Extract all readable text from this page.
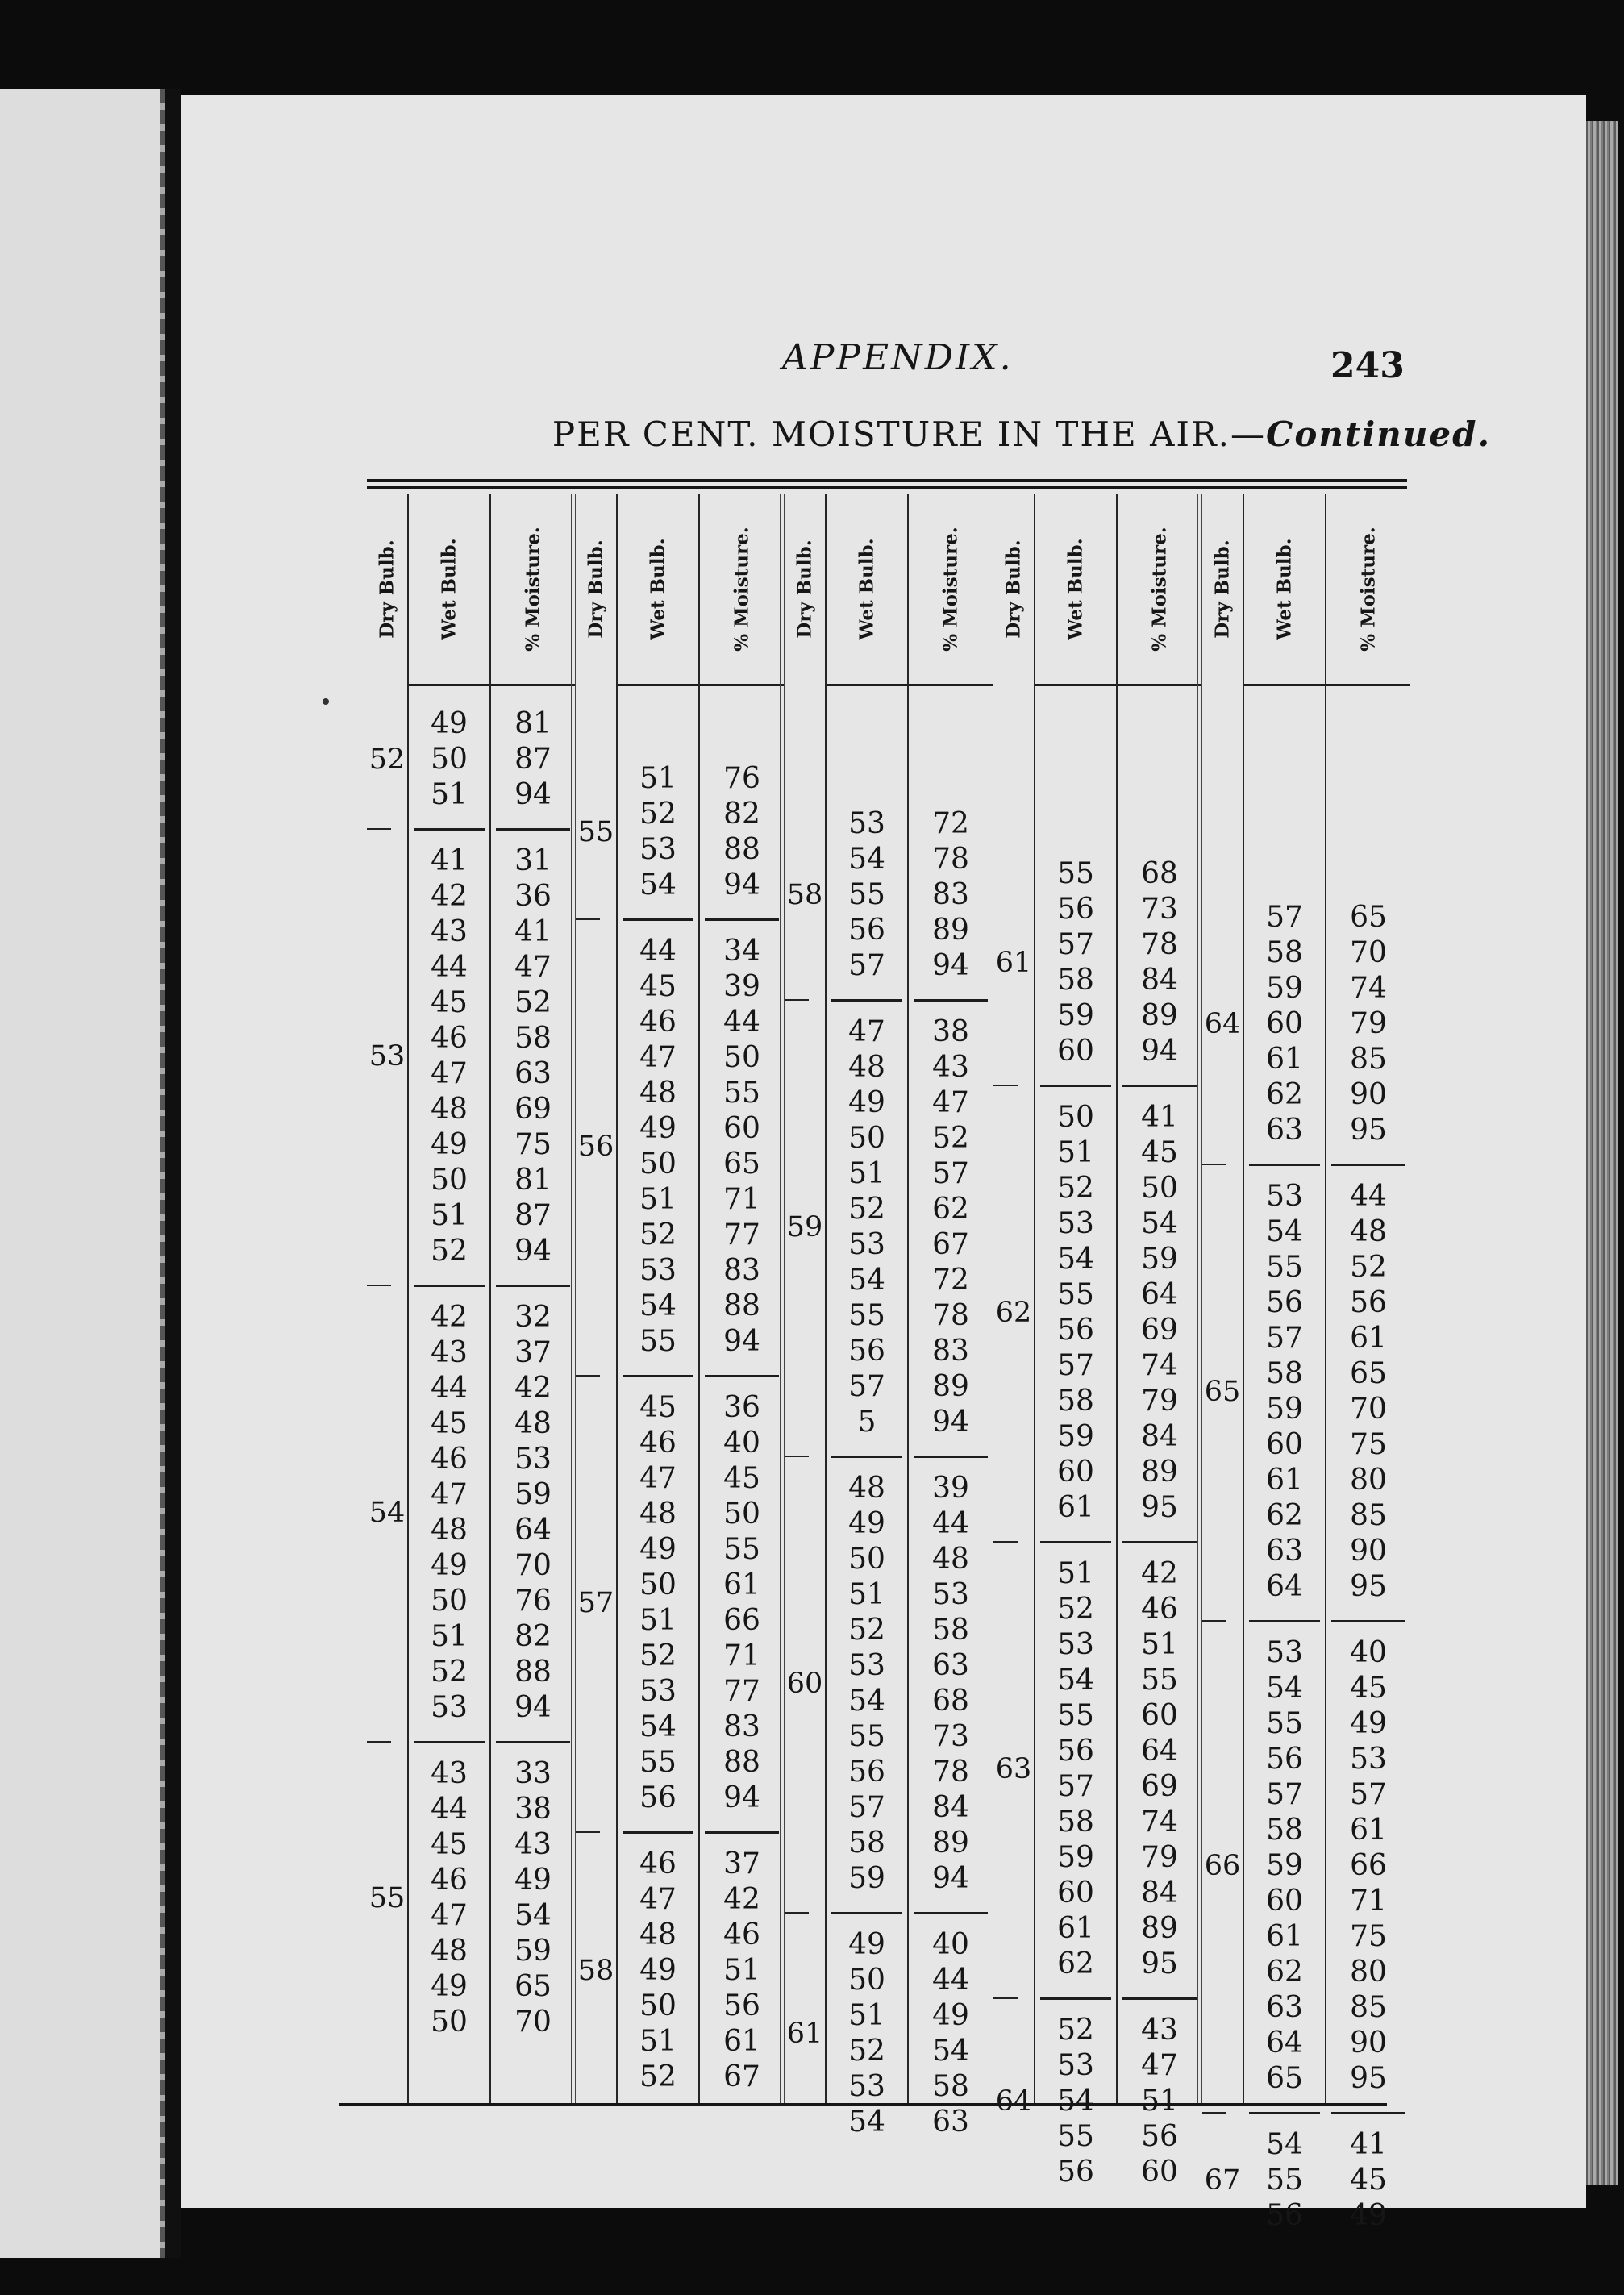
APPENDIX.	243
PER CENT. MOISTURE IN THE AIR.—Continued.
Dry Bulb.
52
53
54
55
Wet Bulb.
49
50
51
41
42
43
44
45
46
47
48
49
50
51
52
42
43
44
45
46
47
48
49
50
51
52
53
43
44
45
46
47
48
49
50
% Moisture.
81
87
94
31
36
41
47
52
58
63
69
75
81
87
94
32
37
42
48
53
59
64
70
76
82
88
94
33
38
43
49
54
59
65
70
Dry Bulb.
55
56
57
58
Wet Bulb.
51
52
53
54
44
45
46
47
48
49
50
51
52
53
54
55
45
46
47
48
49
50
51
52
53
54
55
56
46
47
48
49
50
51
52
% Moisture.
76
82
88
94
34
39
44
50
55
60
65
71
77
83
88
94
36
40
45
50
55
61
66
71
77
83
88
94
37
42
46
51
56
61
67
Dry Bulb.
58
59
60
61
Wet Bulb.
53
54
55
56
57
47
48
49
50
51
52
53
54
55
56
57
5
48
49
50
51
52
53
54
55
56
57
58
59
49
50
51
52
53
54
% Moisture.
72
78
83
89
94
38
43
47
52
57
62
67
72
78
83
89
94
39
44
48
53
58
63
68
73
78
84
89
94
40
44
49
54
58
63
Dry Bulb.
61
62
63
64
Wet Bulb.
55
56
57
58
59
60
50
51
52
53
54
55
56
57
58
59
60
61
51
52
53
54
55
56
57
58
59
60
61
62
52
53
54
55
56
% Moisture.
68
73
78
84
89
94
41
45
50
54
59
64
69
74
79
84
89
95
42
46
51
55
60
64
69
74
79
84
89
95
43
47
51
56
60
Dry Bulb.
64
65
66
67
Wet Bulb.
57
58
59
60
61
62
63
53
54
55
56
57
58
59
60
61
62
63
64
53
54
55
56
57
58
59
60
61
62
63
64
65
54
55
56
% Moisture.
65
70
74
79
85
90
95
44
48
52
56
61
65
70
75
80
85
90
95
40
45
49
53
57
61
66
71
75
80
85
90
95
41
45
49
